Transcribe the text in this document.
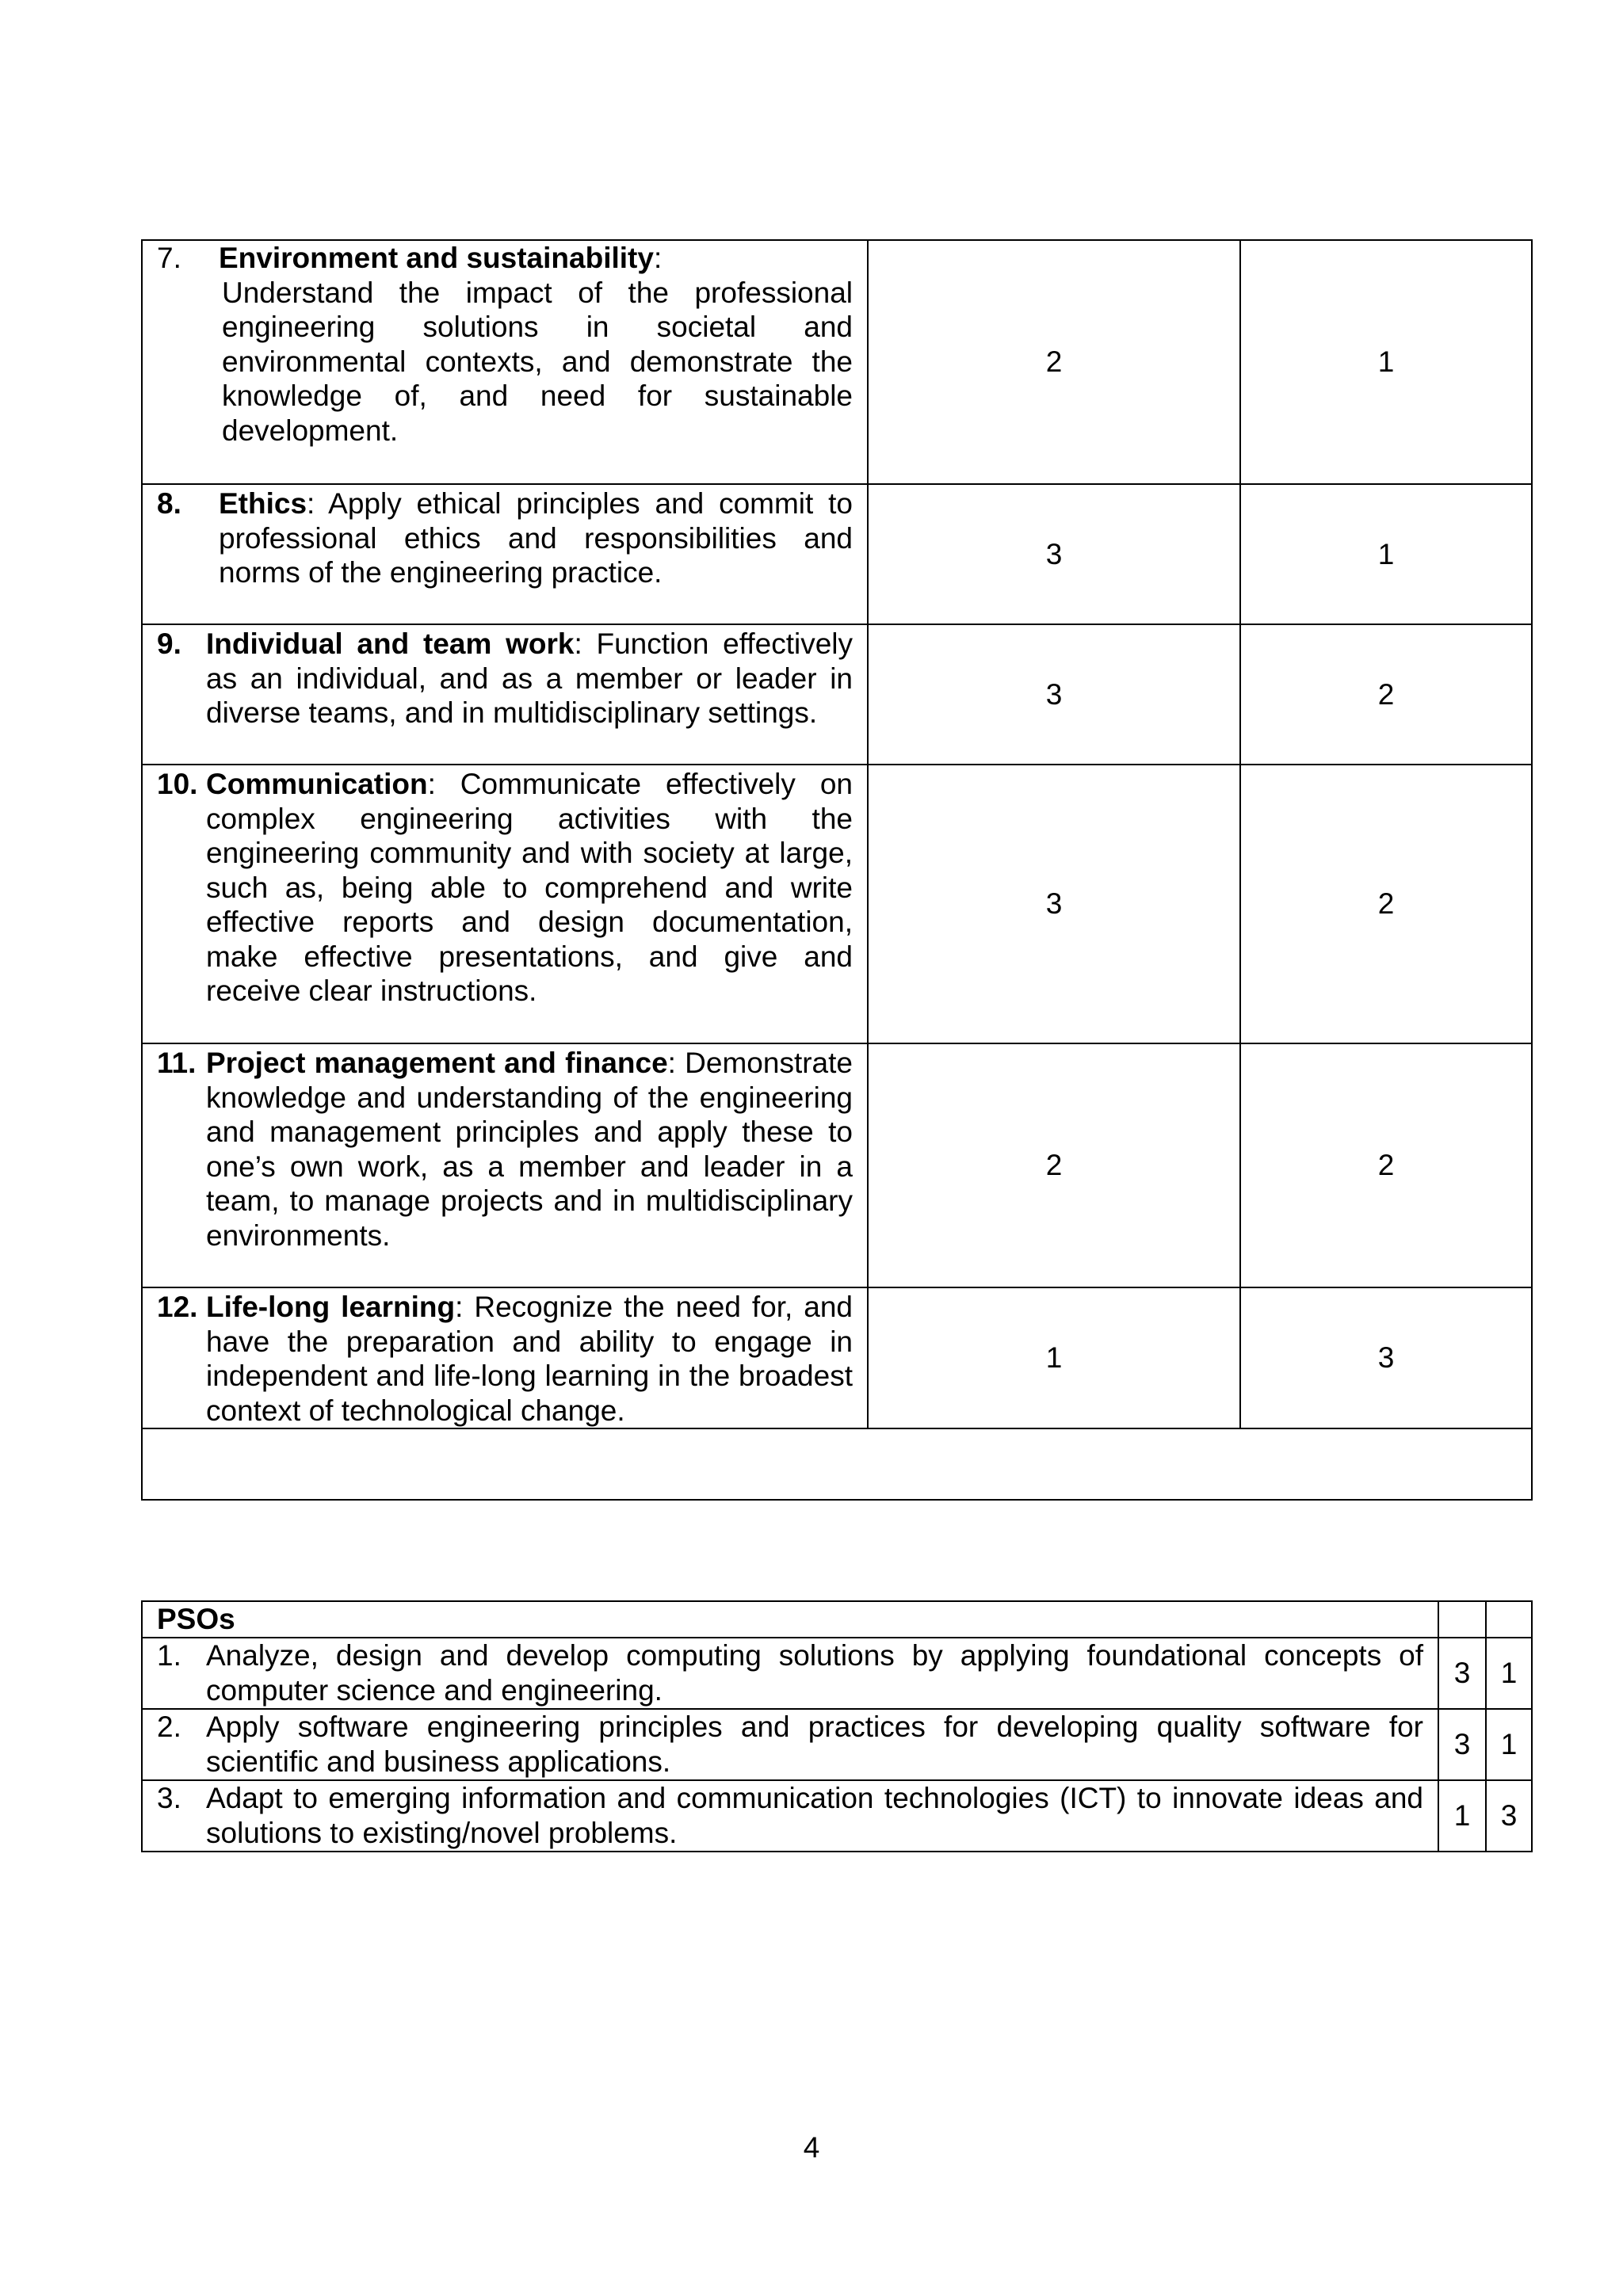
7. Environment and sustainability:

Understand the impact of the professional engineering solutions in societal and environmental contexts, and demonstrate the knowledge of, and need for sustainable development.	2	1

8. Ethics: Apply ethical principles and commit to professional ethics and responsibilities and norms of the engineering practice.	3	1

9. Individual and team work: Function effectively as an individual, and as a member or leader in diverse teams, and in multidisciplinary settings.	3	2

10. Communication: Communicate effectively on complex engineering activities with the engineering community and with society at large, such as, being able to comprehend and write effective reports and design documentation, make effective presentations, and give and receive clear instructions.	3	2

11. Project management and finance: Demonstrate knowledge and understanding of the engineering and management principles and apply these to one’s own work, as a member and leader in a team, to manage projects and in multidisciplinary environments.	2	2

12. Life-long learning: Recognize the need for, and have the preparation and ability to engage in independent and life-long learning in the broadest context of technological change.	1	3

PSOs		

1. Analyze, design and develop computing solutions by applying foundational concepts of computer science and engineering.	3	1

2. Apply software engineering principles and practices for developing quality software for scientific and business applications.	3	1

3. Adapt to emerging information and communication technologies (ICT) to innovate ideas and solutions to existing/novel problems.	1	3
4
